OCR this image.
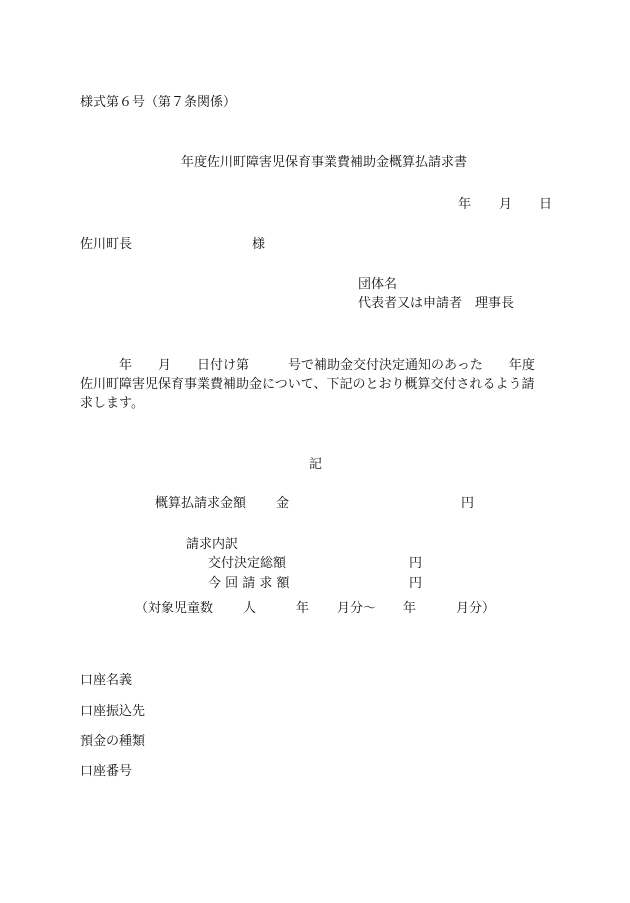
様式第６号（第７条関係）
年度佐川町障害児保育事業費補助金概算払請求書
年 月 日
佐川町長	様
団体名
代表者又は申請者　理事長
　　　年　　月　　日付け第　　　号で補助金交付決定通知のあった　　年度
佐川町障害児保育事業費補助金について、下記のとおり概算交付されるよう請
求します。
記
概算払請求金額 金	円
請求内訳
交付決定総額	円
今 回 請 求 額	円
（対象児童数 人	年 月分～ 年	月分）
口座名義
口座振込先
預金の種類
口座番号
